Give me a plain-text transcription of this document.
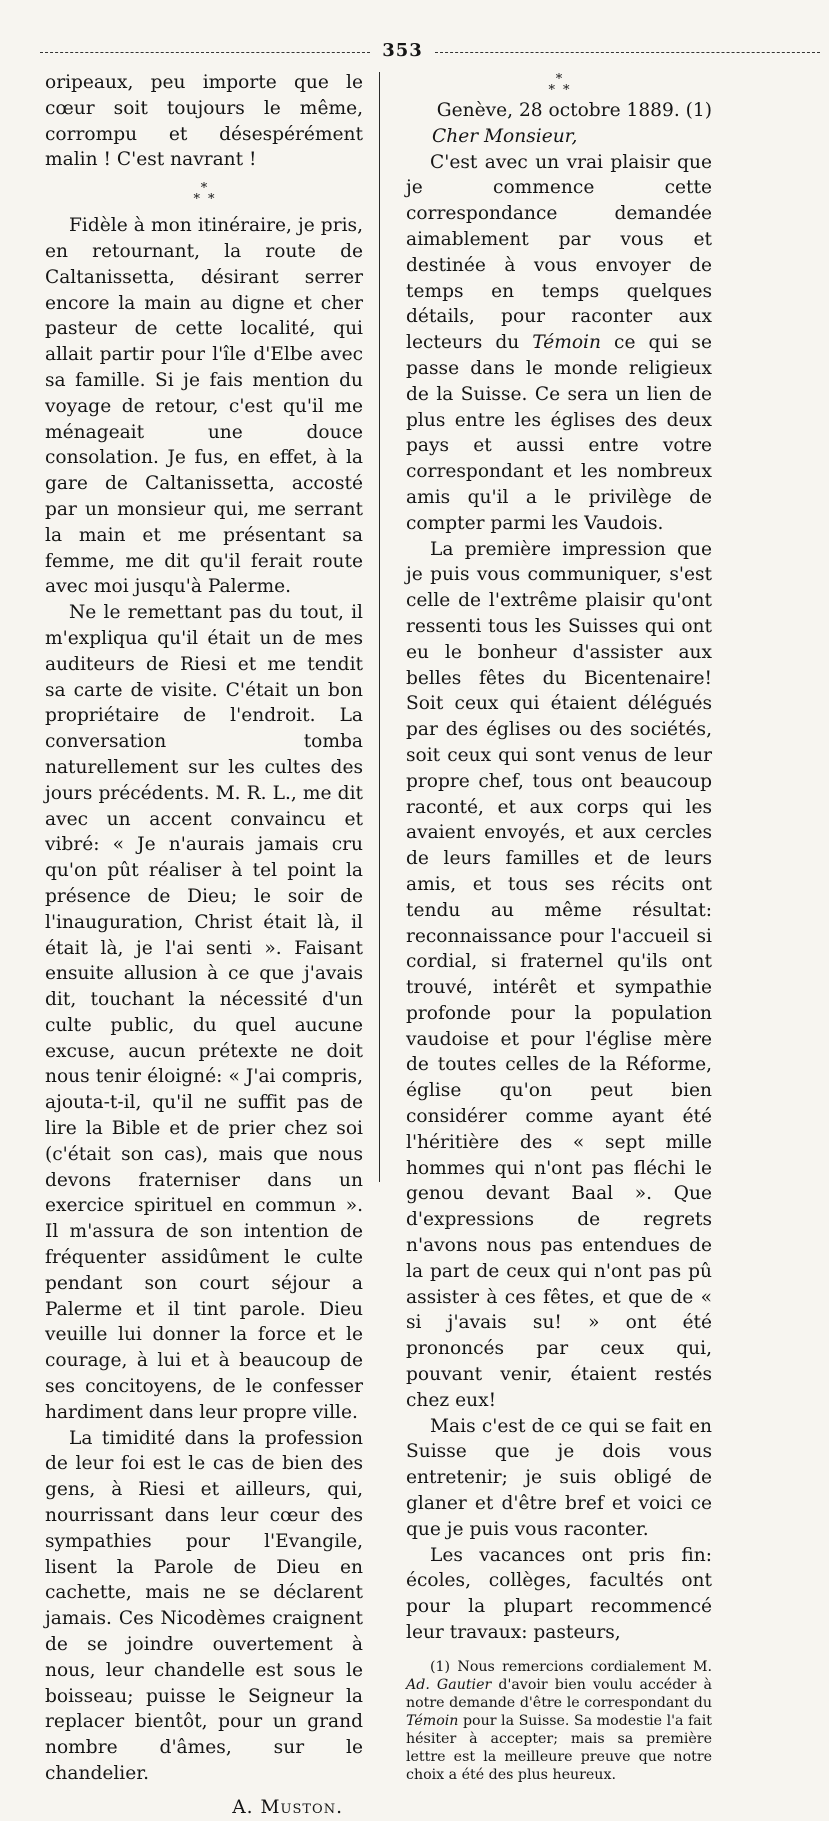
353

oripeaux, peu importe que le cœur soit toujours le même, corrompu et désespérément malin ! C'est navrant !

*
**

Fidèle à mon itinéraire, je pris, en retournant, la route de Caltanissetta, désirant serrer encore la main au digne et cher pasteur de cette localité, qui allait partir pour l'île d'Elbe avec sa famille. Si je fais mention du voyage de retour, c'est qu'il me ménageait une douce consolation. Je fus, en effet, à la gare de Caltanissetta, accosté par un monsieur qui, me serrant la main et me présentant sa femme, me dit qu'il ferait route avec moi jusqu'à Palerme.

Ne le remettant pas du tout, il m'expliqua qu'il était un de mes auditeurs de Riesi et me tendit sa carte de visite. C'était un bon propriétaire de l'endroit. La conversation tomba naturellement sur les cultes des jours précédents. M. R. L., me dit avec un accent convaincu et vibré: « Je n'aurais jamais cru qu'on pût réaliser à tel point la présence de Dieu; le soir de l'inauguration, Christ était là, il était là, je l'ai senti ». Faisant ensuite allusion à ce que j'avais dit, touchant la nécessité d'un culte public, du quel aucune excuse, aucun prétexte ne doit nous tenir éloigné: « J'ai compris, ajouta-t-il, qu'il ne suffit pas de lire la Bible et de prier chez soi (c'était son cas), mais que nous devons fraterniser dans un exercice spirituel en commun ». Il m'assura de son intention de fréquenter assidûment le culte pendant son court séjour a Palerme et il tint parole. Dieu veuille lui donner la force et le courage, à lui et à beaucoup de ses concitoyens, de le confesser hardiment dans leur propre ville.

La timidité dans la profession de leur foi est le cas de bien des gens, à Riesi et ailleurs, qui, nourrissant dans leur cœur des sympathies pour l'Evangile, lisent la Parole de Dieu en cachette, mais ne se déclarent jamais. Ces Nicodèmes craignent de se joindre ouvertement à nous, leur chandelle est sous le boisseau; puisse le Seigneur la replacer bientôt, pour un grand nombre d'âmes, sur le chandelier.

A. Muston.

*
**

Genève, 28 octobre 1889. (1)

Cher Monsieur,

C'est avec un vrai plaisir que je commence cette correspondance demandée aimablement par vous et destinée à vous envoyer de temps en temps quelques détails, pour raconter aux lecteurs du Témoin ce qui se passe dans le monde religieux de la Suisse. Ce sera un lien de plus entre les églises des deux pays et aussi entre votre correspondant et les nombreux amis qu'il a le privilège de compter parmi les Vaudois.

La première impression que je puis vous communiquer, s'est celle de l'extrême plaisir qu'ont ressenti tous les Suisses qui ont eu le bonheur d'assister aux belles fêtes du Bicentenaire! Soit ceux qui étaient délégués par des églises ou des sociétés, soit ceux qui sont venus de leur propre chef, tous ont beaucoup raconté, et aux corps qui les avaient envoyés, et aux cercles de leurs familles et de leurs amis, et tous ses récits ont tendu au même résultat: reconnaissance pour l'accueil si cordial, si fraternel qu'ils ont trouvé, intérêt et sympathie profonde pour la population vaudoise et pour l'église mère de toutes celles de la Réforme, église qu'on peut bien considérer comme ayant été l'héritière des « sept mille hommes qui n'ont pas fléchi le genou devant Baal ». Que d'expressions de regrets n'avons nous pas entendues de la part de ceux qui n'ont pas pû assister à ces fêtes, et que de « si j'avais su! » ont été prononcés par ceux qui, pouvant venir, étaient restés chez eux!

Mais c'est de ce qui se fait en Suisse que je dois vous entretenir; je suis obligé de glaner et d'être bref et voici ce que je puis vous raconter.

Les vacances ont pris fin: écoles, collèges, facultés ont pour la plupart recommencé leur travaux: pasteurs,

(1) Nous remercions cordialement M. Ad. Gautier d'avoir bien voulu accéder à notre demande d'être le correspondant du Témoin pour la Suisse. Sa modestie l'a fait hésiter à accepter; mais sa première lettre est la meilleure preuve que notre choix a été des plus heureux.
